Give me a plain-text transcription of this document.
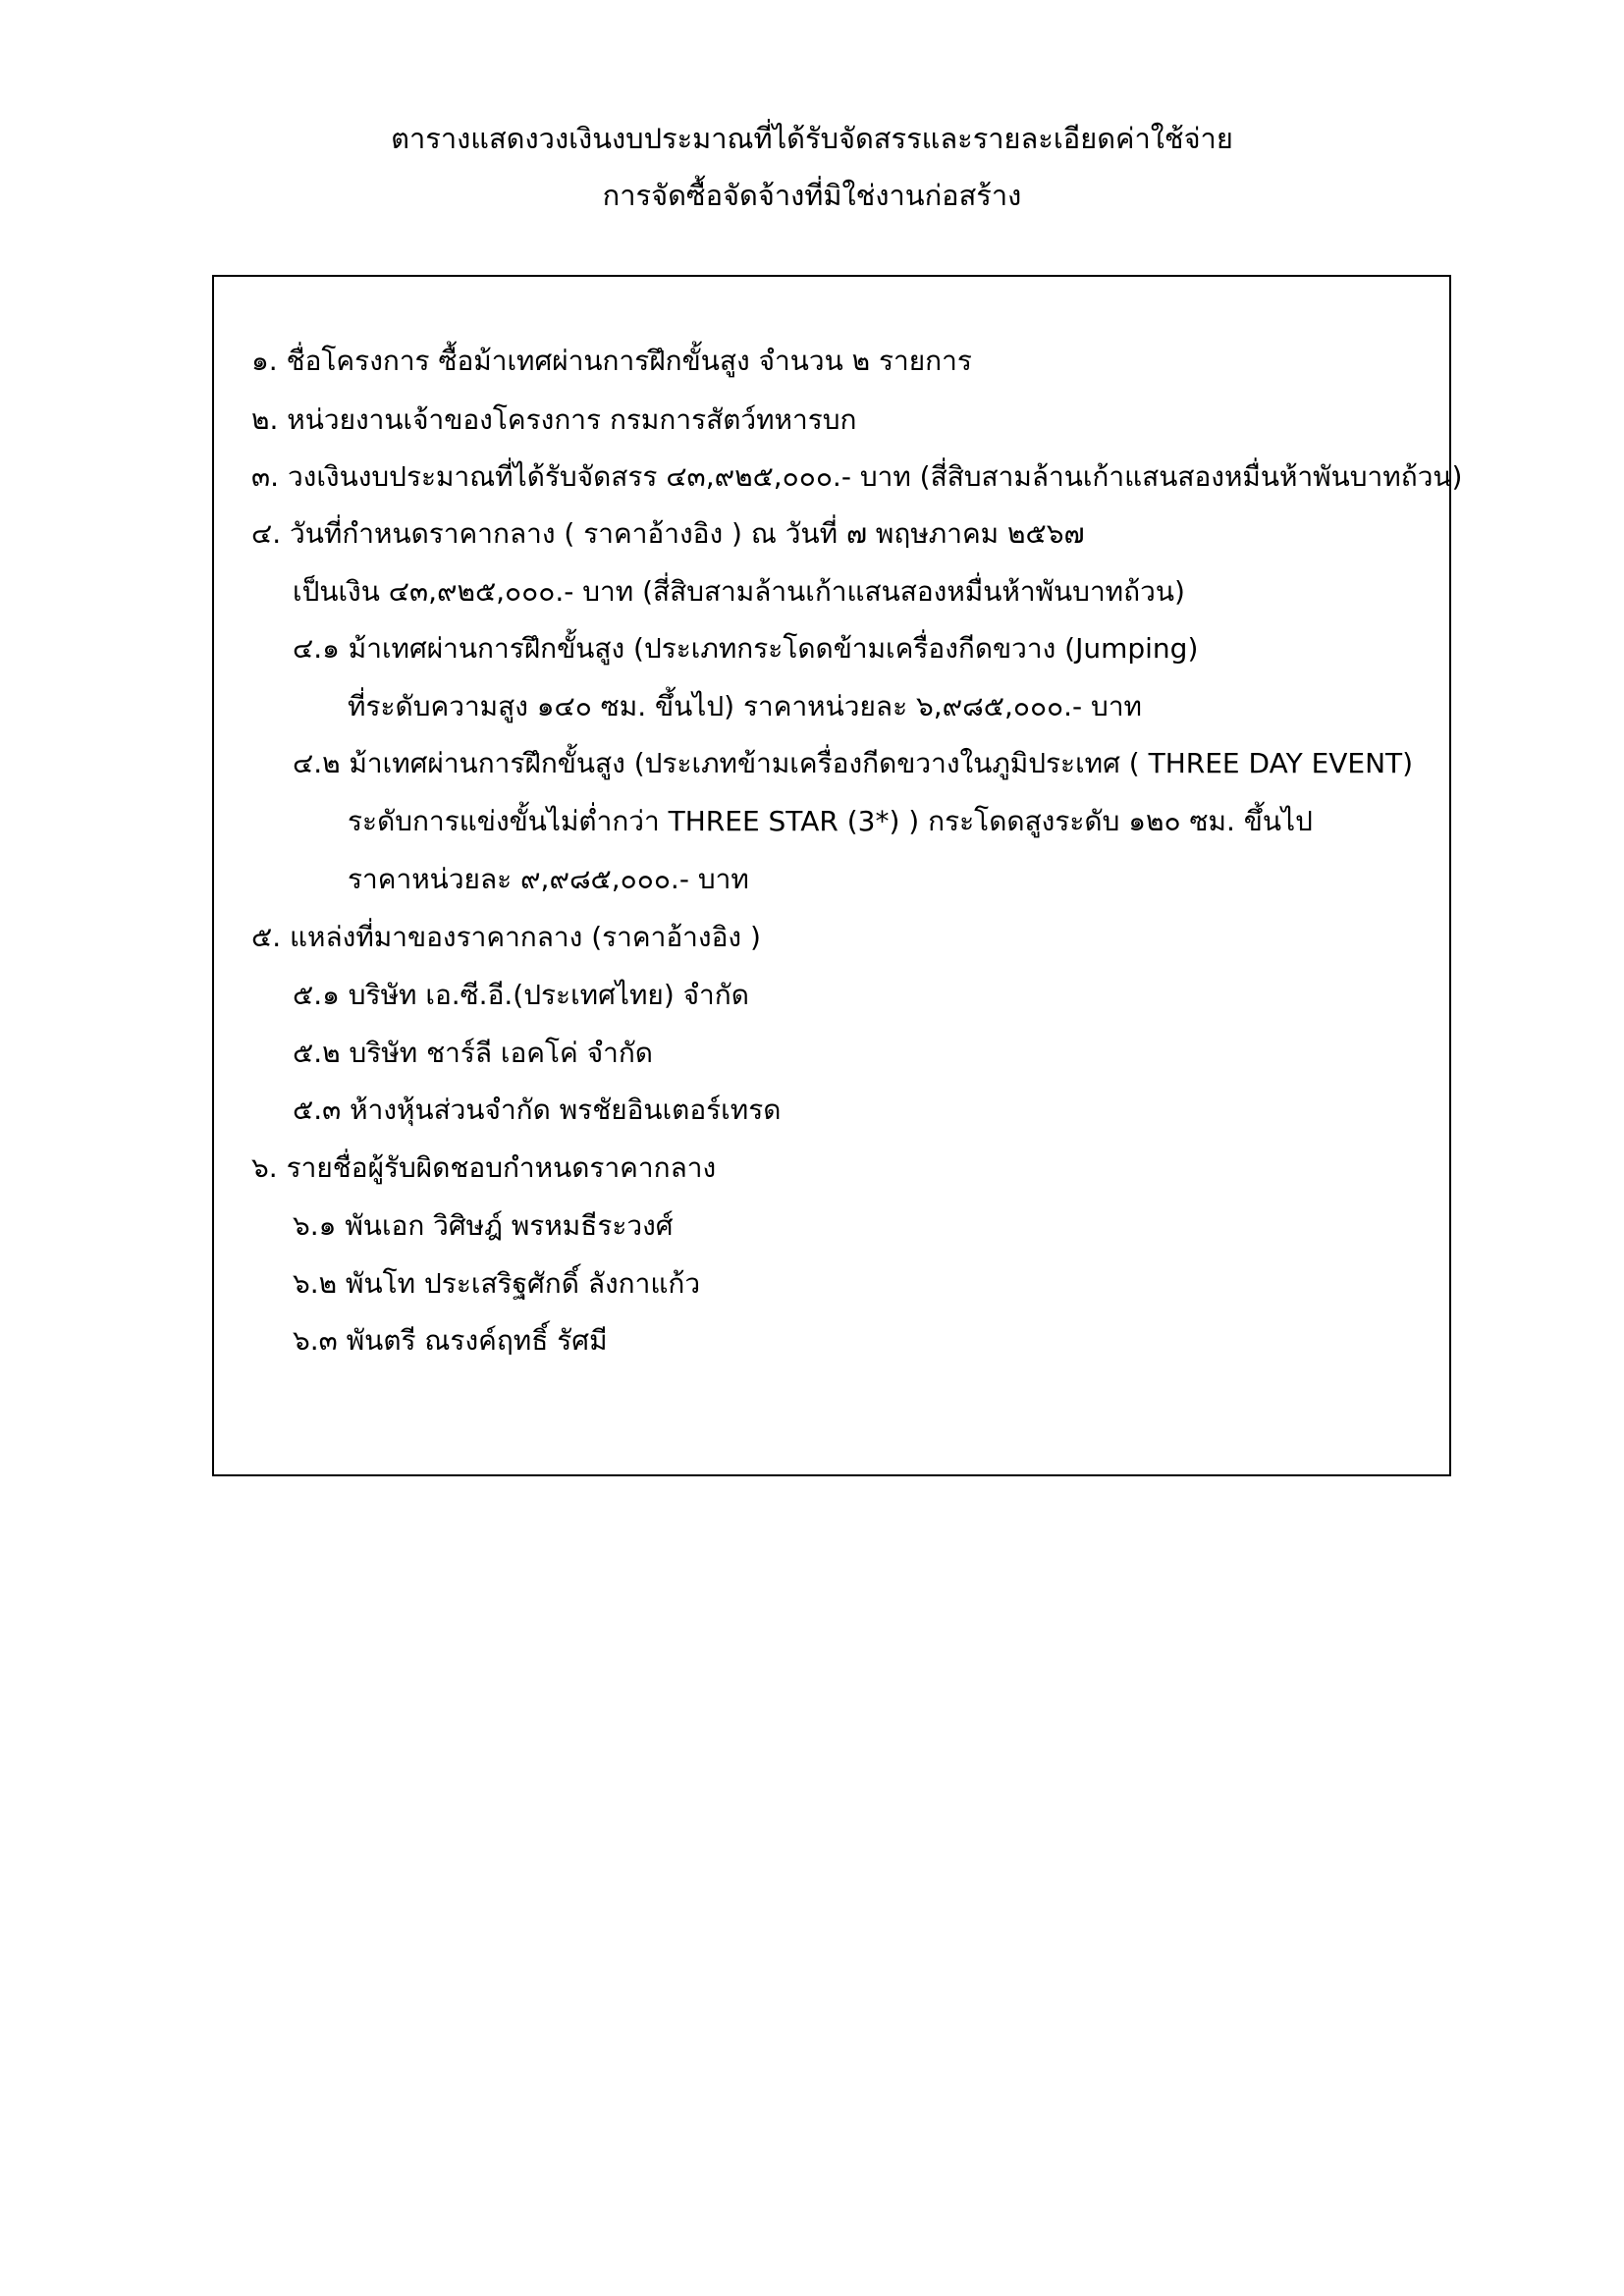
ตารางแสดงวงเงินงบประมาณที่ได้รับจัดสรรและรายละเอียดค่าใช้จ่าย
การจัดซื้อจัดจ้างที่มิใช่งานก่อสร้าง
๑. ชื่อโครงการ ซื้อม้าเทศผ่านการฝึกขั้นสูง จำนวน ๒ รายการ
๒. หน่วยงานเจ้าของโครงการ กรมการสัตว์ทหารบก
๓. วงเงินงบประมาณที่ได้รับจัดสรร ๔๓,๙๒๕,๐๐๐.- บาท (สี่สิบสามล้านเก้าแสนสองหมื่นห้าพันบาทถ้วน)
๔. วันที่กำหนดราคากลาง ( ราคาอ้างอิง ) ณ วันที่ ๗ พฤษภาคม ๒๕๖๗
เป็นเงิน ๔๓,๙๒๕,๐๐๐.- บาท (สี่สิบสามล้านเก้าแสนสองหมื่นห้าพันบาทถ้วน)
๔.๑ ม้าเทศผ่านการฝึกขั้นสูง (ประเภทกระโดดข้ามเครื่องกีดขวาง (Jumping)
ที่ระดับความสูง ๑๔๐ ซม. ขึ้นไป) ราคาหน่วยละ ๖,๙๘๕,๐๐๐.- บาท
๔.๒ ม้าเทศผ่านการฝึกขั้นสูง (ประเภทข้ามเครื่องกีดขวางในภูมิประเทศ ( THREE DAY EVENT)
ระดับการแข่งขั้นไม่ต่ำกว่า THREE STAR (3*) ) กระโดดสูงระดับ ๑๒๐ ซม. ขึ้นไป
ราคาหน่วยละ ๙,๙๘๕,๐๐๐.- บาท
๕. แหล่งที่มาของราคากลาง (ราคาอ้างอิง )
๕.๑ บริษัท เอ.ซี.อี.(ประเทศไทย) จำกัด
๕.๒ บริษัท ชาร์ลี เอคโค่ จำกัด
๕.๓ ห้างหุ้นส่วนจำกัด พรชัยอินเตอร์เทรด
๖. รายชื่อผู้รับผิดชอบกำหนดราคากลาง
๖.๑ พันเอก วิศิษฎ์ พรหมธีระวงศ์
๖.๒ พันโท ประเสริฐศักดิ์ ลังกาแก้ว
๖.๓ พันตรี ณรงค์ฤทธิ์ รัศมี
